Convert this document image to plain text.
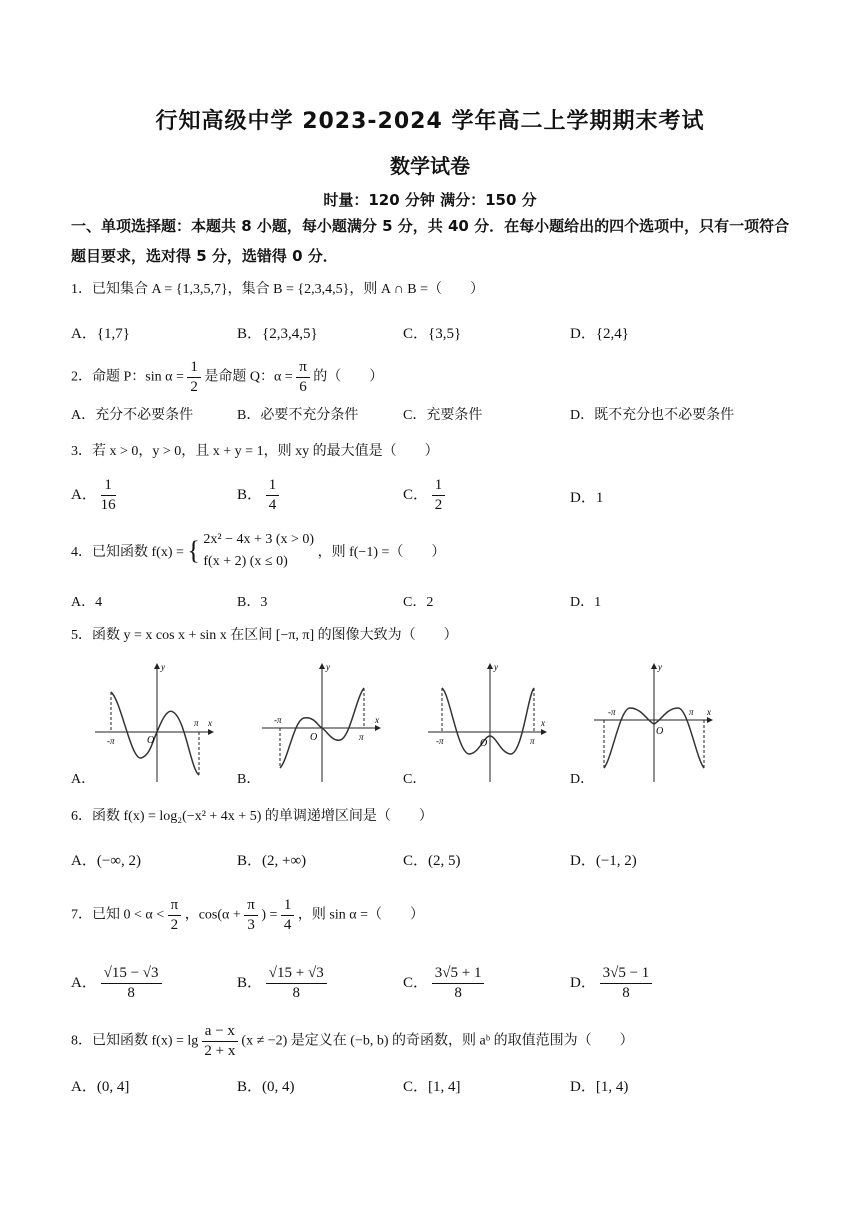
行知高级中学 2023-2024 学年高二上学期期末考试
数学试卷
时量：120 分钟 满分：150 分
一、单项选择题：本题共 8 小题，每小题满分 5 分，共 40 分．在每小题给出的四个选项中，只有一项符合题目要求，选对得 5 分，选错得 0 分．
1．已知集合 A = {1,3,5,7}，集合 B = {2,3,4,5}，则 A ∩ B =（　　）
A．{1,7}	B．{2,3,4,5}	C．{3,5}	D．{2,4}
2．命题 P：$\sin \alpha = \frac{1}{2}$ 是命题 Q：$\alpha = \frac{\pi}{6}$ 的（　　）
A．充分不必要条件	B．必要不充分条件	C．充要条件	D．既不充分也不必要条件
3．若 x > 0，y > 0，且 x + y = 1，则 xy 的最大值是（　　）
A． $\frac{1}{16}$	B． $\frac{1}{4}$	C． $\frac{1}{2}$	D．1
4．已知函数 f(x) = { 2x² − 4x + 3 (x > 0)
f(x + 2) (x ≤ 0)
，则 f(−1) =（　　）
A．4	B．3	C．2	D．1
5．函数 y = x cos x + sin x 在区间 [−π, π] 的图像大致为（　　）
A．	B．	C．	D．
-π	O
π x
y
-π
O	π
x
y
-π	O	π
x
y
-π
O
π x
y
6．函数 f(x) = log₂(−x² + 4x + 5) 的单调递增区间是（　　）
A．(−∞, 2)	B．(2, +∞)	C．(2, 5)	D．(−1, 2)
7．已知 $0 < \alpha < \frac{\pi}{2}$ ，$\cos(\alpha + \frac{\pi}{3}$ ) = $\frac{1}{4}$ ，则 sin α =（　　）
A． $\frac{√15 - √3}{8}$	B． $\frac{√15 + √3}{8}$	C． $\frac{3√5 + 1}{8}$	D． $\frac{3√5 - 1}{8}$
8．已知函数 $f(x) = \lg \frac{a - x}{2 + x} (x \ne -2)$ 是定义在 (−b, b) 的奇函数，则 aᵇ 的取值范围为（　　）
A．(0, 4]	B．(0, 4)	C．[1, 4]	D．[1, 4)
